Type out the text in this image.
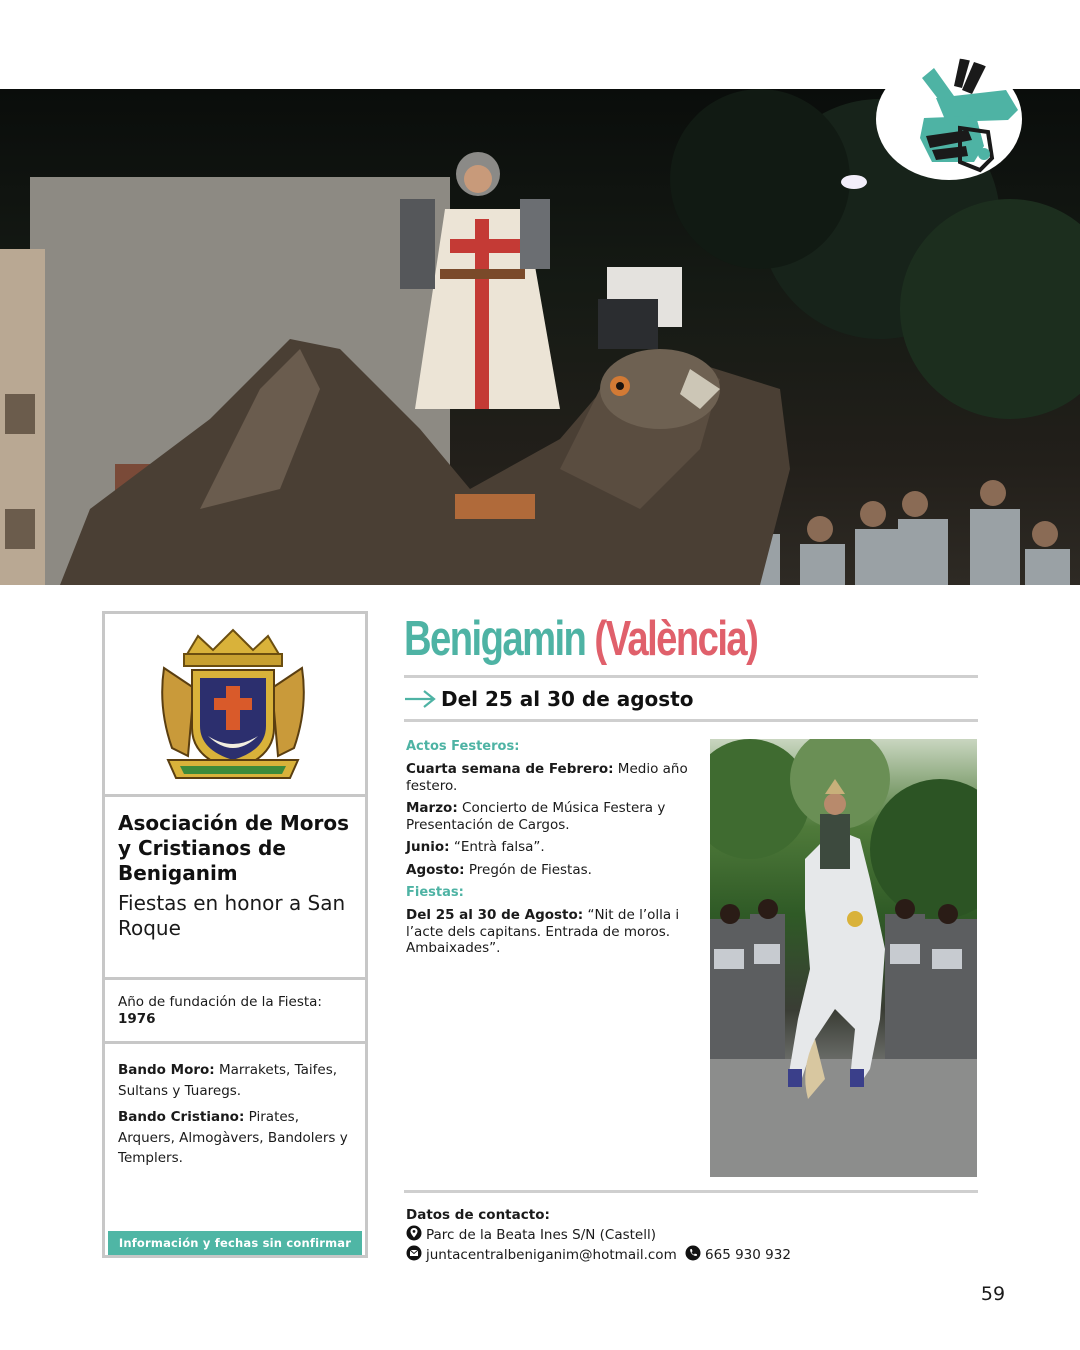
Asociación de Moros y Cristianos de Beniganim
Fiestas en honor a San Roque
Año de fundación de la Fiesta: 1976
Bando Moro: Marrakets, Taifes, Sultans y Tuaregs.
Bando Cristiano: Pirates, Arquers, Almogàvers, Bandolers y Templers.
Información y fechas sin confirmar
Benigamin (València)
Del 25 al 30 de agosto
Actos Festeros:
Cuarta semana de Febrero: Medio año festero.
Marzo: Concierto de Música Festera y Presentación de Cargos.
Junio: “Entrà falsa”.
Agosto: Pregón de Fiestas.
Fiestas:
Del 25 al 30 de Agosto: “Nit de l’olla i l’acte dels capitans. Entrada de moros. Ambaixades”.
Datos de contacto:
Parc de la Beata Ines S/N (Castell)
juntacentralbeniganim@hotmail.com 665 930 932
59
